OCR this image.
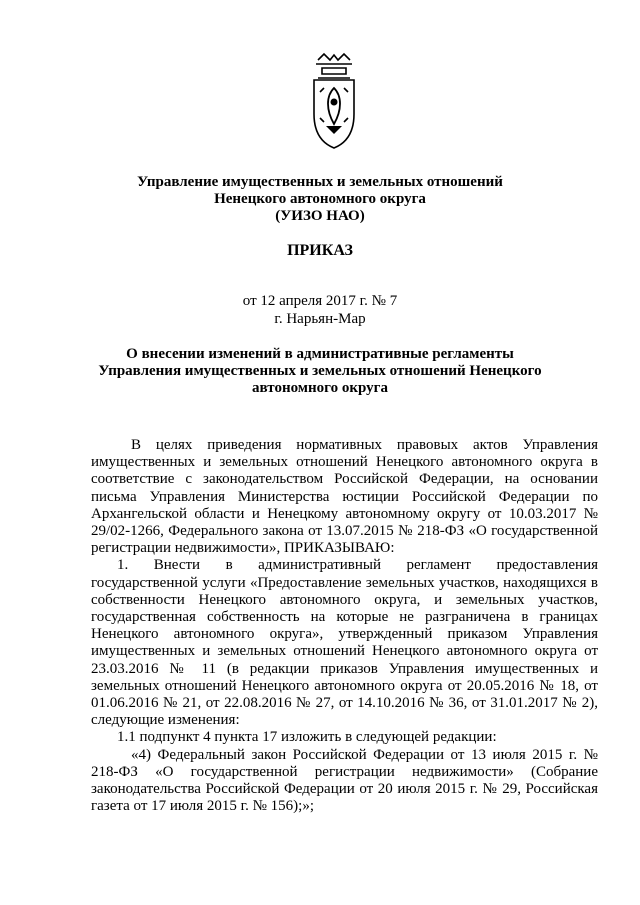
Управление имущественных и земельных отношений
Ненецкого автономного округа
(УИЗО НАО)
ПРИКАЗ
от 12 апреля 2017 г. № 7
г. Нарьян-Мар
О внесении изменений в административные регламенты
Управления имущественных и земельных отношений Ненецкого
автономного округа

В целях приведения нормативных правовых актов Управления имущественных и земельных отношений Ненецкого автономного округа в соответствие с законодательством Российской Федерации, на основании письма Управления Министерства юстиции Российской Федерации по Архангельской области и Ненецкому автономному округу от 10.03.2017 № 29/02-1266, Федерального закона от 13.07.2015 № 218-ФЗ «О государственной регистрации недвижимости», ПРИКАЗЫВАЮ:

1. Внести в административный регламент предоставления государственной услуги «Предоставление земельных участков, находящихся в собственности Ненецкого автономного округа, и земельных участков, государственная собственность на которые не разграничена в границах Ненецкого автономного округа», утвержденный приказом Управления имущественных и земельных отношений Ненецкого автономного округа от 23.03.2016 № 11 (в редакции приказов Управления имущественных и земельных отношений Ненецкого автономного округа от 20.05.2016 № 18, от 01.06.2016 № 21, от 22.08.2016 № 27, от 14.10.2016 № 36, от 31.01.2017 № 2), следующие изменения:

1.1 подпункт 4 пункта 17 изложить в следующей редакции:

«4) Федеральный закон Российской Федерации от 13 июля 2015 г. № 218-ФЗ «О государственной регистрации недвижимости» (Собрание законодательства Российской Федерации от 20 июля 2015 г. № 29, Российская газета от 17 июля 2015 г. № 156);»;
